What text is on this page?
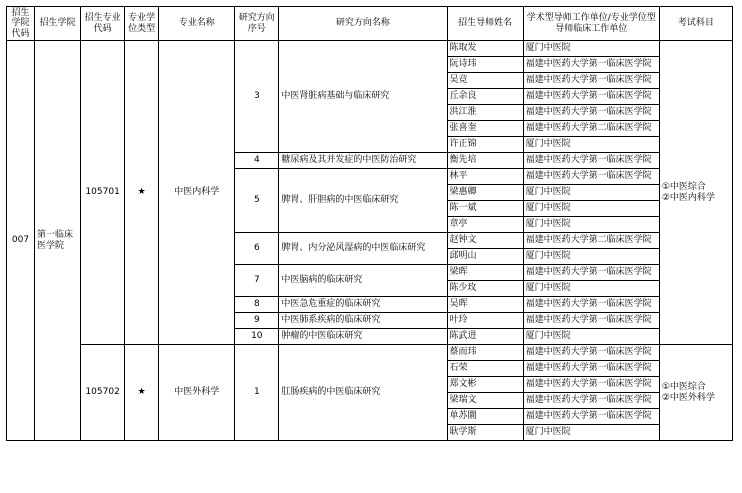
招生学院代码	招生学院	招生专业代码	专业学位类型	专业名称	研究方向序号	研究方向名称	招生导师姓名	学术型导师工作单位/专业学位型导师临床工作单位	考试科目
007	第一临床医学院	105701	★	中医内科学	3	中医肾脏病基础与临床研究	陈取发	厦门中医院	①中医综合
②中医内科学
							阮诗玮	福建中医药大学第一临床医学院	
							吴竞	福建中医药大学第一临床医学院	
							丘余良	福建中医药大学第一临床医学院	
							洪江淮	福建中医药大学第一临床医学院	
							张喜奎	福建中医药大学第二临床医学院	
							许正锦	厦门中医院	
					4	糖尿病及其并发症的中医防治研究	衡先培	福建中医药大学第一临床医学院	
					5	脾胃、肝胆病的中医临床研究	林平	福建中医药大学第一临床医学院	
							梁惠卿	厦门中医院	
							陈一斌	厦门中医院	
							章亭	厦门中医院	
					6	脾胃、内分泌风湿病的中医临床研究	赵钟文	福建中医药大学第二临床医学院	
							邱明山	厦门中医院	
					7	中医脑病的临床研究	梁晖	福建中医药大学第一临床医学院	
							陈少玫	厦门中医院	
					8	中医急危重症的临床研究	吴晖	福建中医药大学第一临床医学院	
					9	中医肺系疾病的临床研究	叶玲	福建中医药大学第一临床医学院	
					10	肿瘤的中医临床研究	陈武进	厦门中医院	
		105702	★	中医外科学	1	肛肠疾病的中医临床研究	蔡而玮	福建中医药大学第一临床医学院	①中医综合
②中医外科学
							石荣	福建中医药大学第一临床医学院	
							郑文彬	福建中医药大学第一临床医学院	
							梁瑞文	福建中医药大学第一临床医学院	
							单苏圜	福建中医药大学第一临床医学院	
							耿学斯	厦门中医院	
